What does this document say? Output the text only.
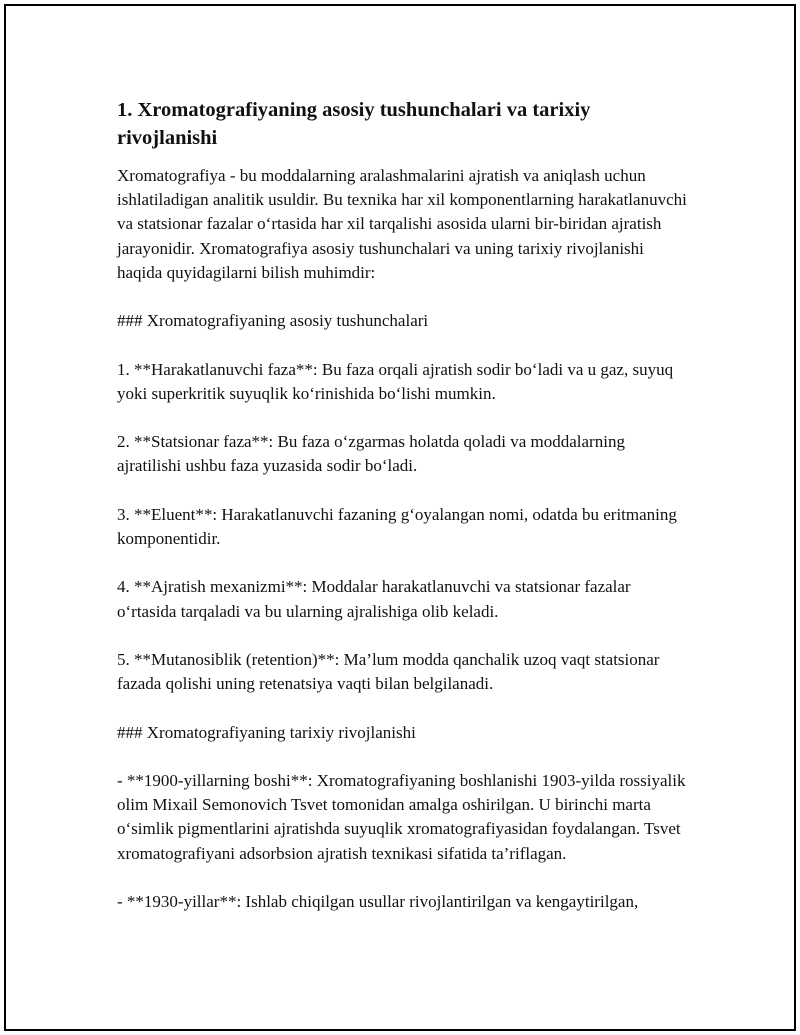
1. Xromatografiyaning asosiy tushunchalari va tarixiy rivojlanishi

Xromatografiya - bu moddalarning aralashmalarini ajratish va aniqlash uchun ishlatiladigan analitik usuldir. Bu texnika har xil komponentlarning harakatlanuvchi va statsionar fazalar o‘rtasida har xil tarqalishi asosida ularni bir-biridan ajratish jarayonidir. Xromatografiya asosiy tushunchalari va uning tarixiy rivojlanishi haqida quyidagilarni bilish muhimdir:

### Xromatografiyaning asosiy tushunchalari

1. **Harakatlanuvchi faza**: Bu faza orqali ajratish sodir bo‘ladi va u gaz, suyuq yoki superkritik suyuqlik ko‘rinishida bo‘lishi mumkin.

2. **Statsionar faza**: Bu faza o‘zgarmas holatda qoladi va moddalarning ajratilishi ushbu faza yuzasida sodir bo‘ladi.

3. **Eluent**: Harakatlanuvchi fazaning g‘oyalangan nomi, odatda bu eritmaning komponentidir.

4. **Ajratish mexanizmi**: Moddalar harakatlanuvchi va statsionar fazalar o‘rtasida tarqaladi va bu ularning ajralishiga olib keladi.

5. **Mutanosiblik (retention)**: Ma’lum modda qanchalik uzoq vaqt statsionar fazada qolishi uning retenatsiya vaqti bilan belgilanadi.

### Xromatografiyaning tarixiy rivojlanishi

- **1900-yillarning boshi**: Xromatografiyaning boshlanishi 1903-yilda rossiyalik olim Mixail Semonovich Tsvet tomonidan amalga oshirilgan. U birinchi marta o‘simlik pigmentlarini ajratishda suyuqlik xromatografiyasidan foydalangan. Tsvet xromatografiyani adsorbsion ajratish texnikasi sifatida ta’riflagan.

- **1930-yillar**: Ishlab chiqilgan usullar rivojlantirilgan va kengaytirilgan,
